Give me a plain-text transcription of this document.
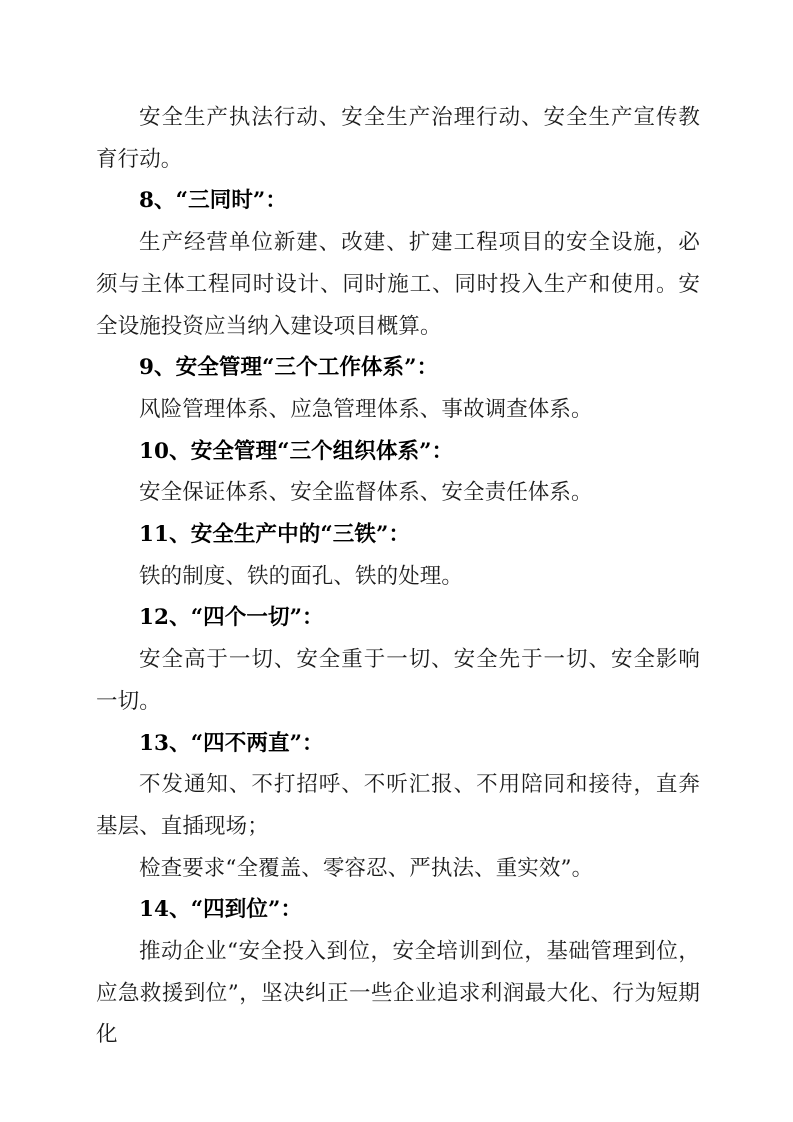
安全生产执法行动、安全生产治理行动、安全生产宣传教育行动。

8、“三同时”：

生产经营单位新建、改建、扩建工程项目的安全设施，必须与主体工程同时设计、同时施工、同时投入生产和使用。安全设施投资应当纳入建设项目概算。

9、安全管理“三个工作体系”：

风险管理体系、应急管理体系、事故调查体系。

10、安全管理“三个组织体系”：

安全保证体系、安全监督体系、安全责任体系。

11、安全生产中的“三铁”：

铁的制度、铁的面孔、铁的处理。

12、“四个一切”：

安全高于一切、安全重于一切、安全先于一切、安全影响一切。

13、“四不两直”：

不发通知、不打招呼、不听汇报、不用陪同和接待，直奔基层、直插现场；

检查要求“全覆盖、零容忍、严执法、重实效”。

14、“四到位”：

推动企业“安全投入到位，安全培训到位，基础管理到位，应急救援到位”，坚决纠正一些企业追求利润最大化、行为短期化
